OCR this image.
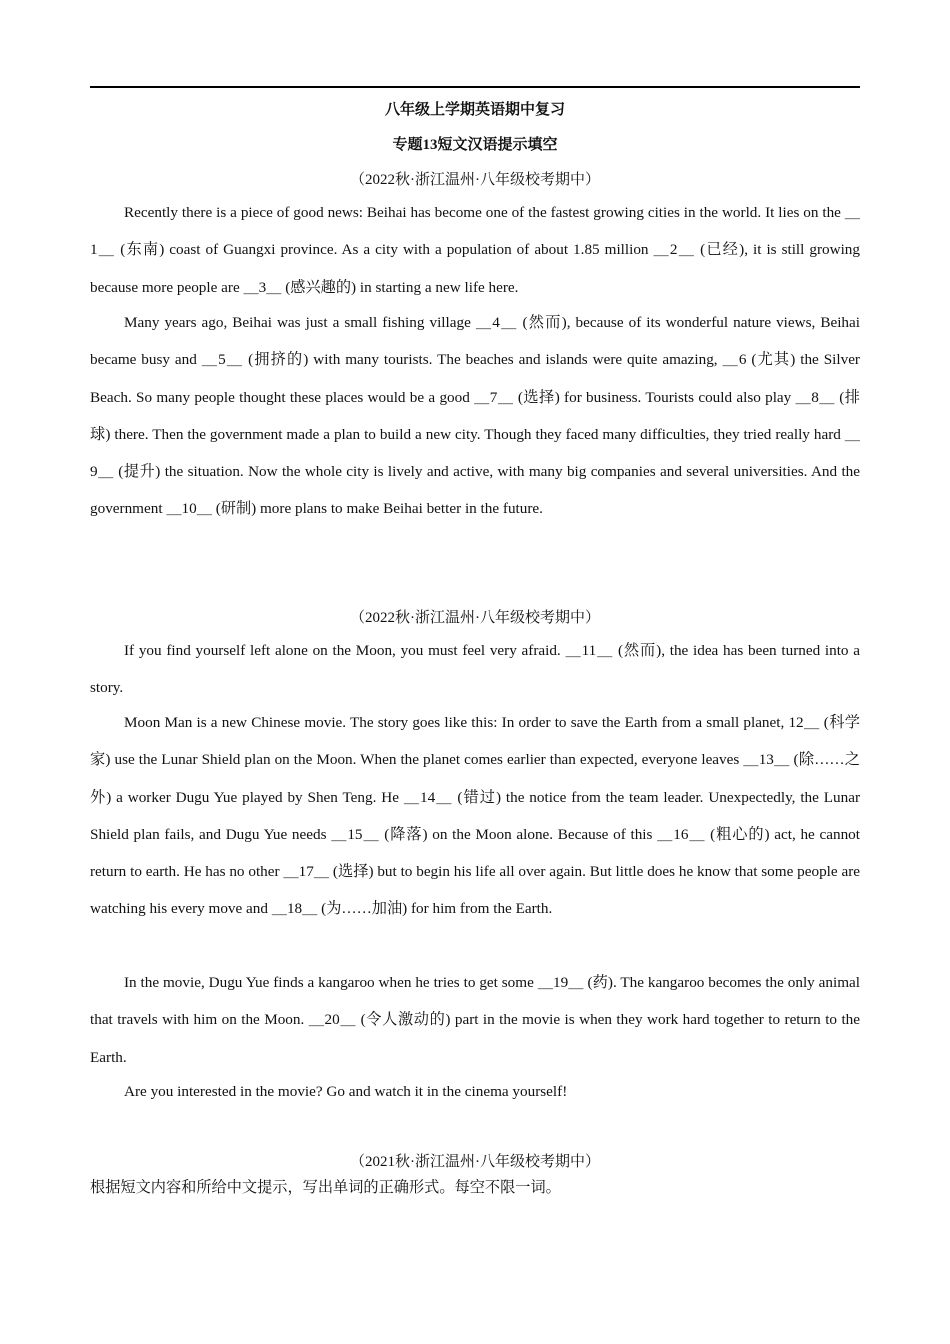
八年级上学期英语期中复习
专题13短文汉语提示填空
（2022秋·浙江温州·八年级校考期中）

Recently there is a piece of good news: Beihai has become one of the fastest growing cities in the world. It lies on the ＿1＿ (东南) coast of Guangxi province. As a city with a population of about 1.85 million ＿2＿ (已经), it is still growing because more people are ＿3＿ (感兴趣的) in starting a new life here.

Many years ago, Beihai was just a small fishing village ＿4＿ (然而), because of its wonderful nature views, Beihai became busy and ＿5＿ (拥挤的) with many tourists. The beaches and islands were quite amazing, ＿6 (尤其) the Silver Beach. So many people thought these places would be a good ＿7＿ (选择) for business. Tourists could also play ＿8＿ (排球) there. Then the government made a plan to build a new city. Though they faced many difficulties, they tried really hard ＿9＿ (提升) the situation. Now the whole city is lively and active, with many big companies and several universities. And the government ＿10＿ (研制) more plans to make Beihai better in the future.

（2022秋·浙江温州·八年级校考期中）

If you find yourself left alone on the Moon, you must feel very afraid. ＿11＿ (然而), the idea has been turned into a story.

Moon Man is a new Chinese movie. The story goes like this: In order to save the Earth from a small planet, 12＿ (科学家) use the Lunar Shield plan on the Moon. When the planet comes earlier than expected, everyone leaves ＿13＿ (除……之外) a worker Dugu Yue played by Shen Teng. He ＿14＿ (错过) the notice from the team leader. Unexpectedly, the Lunar Shield plan fails, and Dugu Yue needs ＿15＿ (降落) on the Moon alone. Because of this ＿16＿ (粗心的) act, he cannot return to earth. He has no other ＿17＿ (选择) but to begin his life all over again. But little does he know that some people are watching his every move and ＿18＿ (为……加油) for him from the Earth.

In the movie, Dugu Yue finds a kangaroo when he tries to get some ＿19＿ (药). The kangaroo becomes the only animal that travels with him on the Moon. ＿20＿ (令人激动的) part in the movie is when they work hard together to return to the Earth.

Are you interested in the movie? Go and watch it in the cinema yourself!

（2021秋·浙江温州·八年级校考期中）
根据短文内容和所给中文提示，写出单词的正确形式。每空不限一词。
